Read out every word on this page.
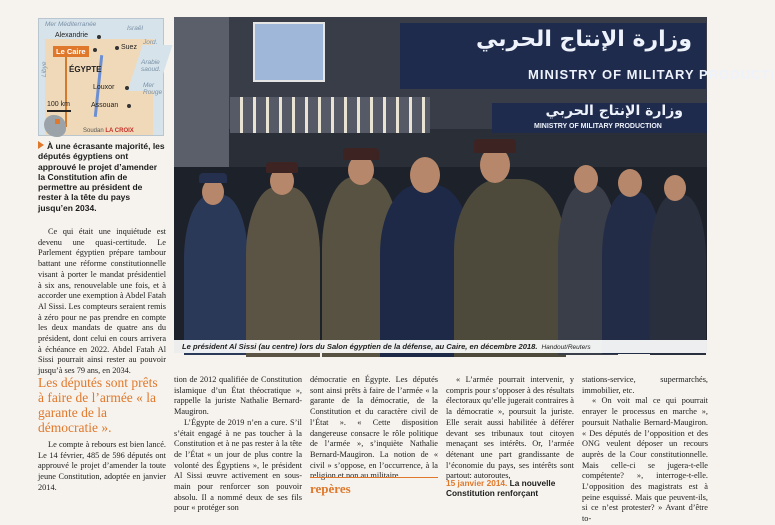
Mer Méditerranée
Alexandrie
Israël
Le Caire	Suez
Jord.
Libye	ÉGYPTE
Arabie saoud.
Mer Rouge
Louxor
100 km	Assouan
Soudan LA CROIX
À une écrasante majorité, les députés égyptiens ont approuvé le projet d’amender la Constitution afin de permettre au président de rester à la tête du pays jusqu’en 2034.
Ce qui était une inquiétude est devenu une quasi-certitude. Le Parlement égyptien prépare tambour battant une réforme constitutionnelle visant à porter le mandat présidentiel à six ans, renouvelable une fois, et à accorder une exemption à Abdel Fatah Al Sissi. Les compteurs seraient remis à zéro pour ne pas prendre en compte les deux mandats de quatre ans du président, dont celui en cours arrivera à échéance en 2022. Abdel Fatah Al Sissi pourrait ainsi rester au pouvoir jusqu’à ses 79 ans, en 2034.
Les députés sont prêts à faire de l’armée « la garante de la démocratie ».
Le compte à rebours est bien lancé. Le 14 février, 485 de 596 députés ont approuvé le projet d’amender la toute jeune Constitution, adoptée en janvier 2014.
وزارة الإنتاج الحربي
MINISTRY OF MILITARY PRODUCTI
وزارة الإنتاج الحربي
MINISTRY OF MILITARY PRODUCTION
Le président Al Sissi (au centre) lors du Salon égyptien de la défense, au Caire, en décembre 2018. Handout/Reuters

tion de 2012 qualifiée de Constitution islamique d’un État théocratique », rappelle la juriste Nathalie Bernard-Maugiron.

L’Égypte de 2019 n’en a cure. S’il s’était engagé à ne pas toucher à la Constitution et à ne pas rester à la tête de l’État « un jour de plus contre la volonté des Égyptiens », le président Al Sissi œuvre activement en sous-main pour renforcer son pouvoir absolu. Il a nommé deux de ses fils pour « protéger son

démocratie en Égypte. Les députés sont ainsi prêts à faire de l’armée « la garante de la démocratie, de la Constitution et du caractère civil de l’État ». « Cette disposition dangereuse consacre le rôle politique de l’armée », s’inquiète Nathalie Bernard-Maugiron. La notion de « civil » s’oppose, en l’occurrence, à la religion et non au militaire.

repères

« L’armée pourrait intervenir, y compris pour s’opposer à des résultats électoraux qu’elle jugerait contraires à la démocratie », poursuit la juriste. Elle serait aussi habilitée à déférer devant ses tribunaux tout citoyen menaçant ses intérêts. Or, l’armée détenant une part grandissante de l’économie du pays, ses intérêts sont partout: autoroutes,

15 janvier 2014. La nouvelle Constitution renforçant

stations-service, supermarchés, immobilier, etc.

« On voit mal ce qui pourrait enrayer le processus en marche », poursuit Nathalie Bernard-Maugiron. « Des députés de l’opposition et des ONG veulent déposer un recours auprès de la Cour constitutionnelle. Mais celle-ci se jugera-t-elle compétente? », interroge-t-elle. L’opposition des magistrats est à peine esquissé. Mais que peuvent-ils, si ce n’est protester? » Avant d’être to-
